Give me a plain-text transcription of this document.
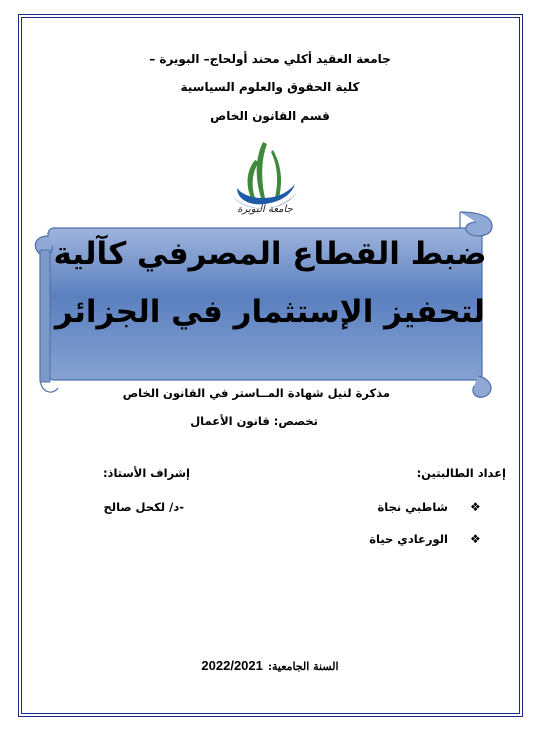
جامعة العقيد أكلي محند أولحاج– البويرة –
كلية الحقوق والعلوم السياسية
قسم القانون الخاص
جامعة البويرة
ضبط القطاع المصرفي كآلية
لتحفيز الإستثمار في الجزائر
مذكرة لنيل شهادة المــاستر في القانون الخاص
تخصص: قانون الأعمال
إعداد الطالبتين:
❖
شاطبي نجاة
❖
الورعادي حياة
إشراف الأستاذ:
-د/ لكحل صالح
السنة الجامعية: 2022/2021
